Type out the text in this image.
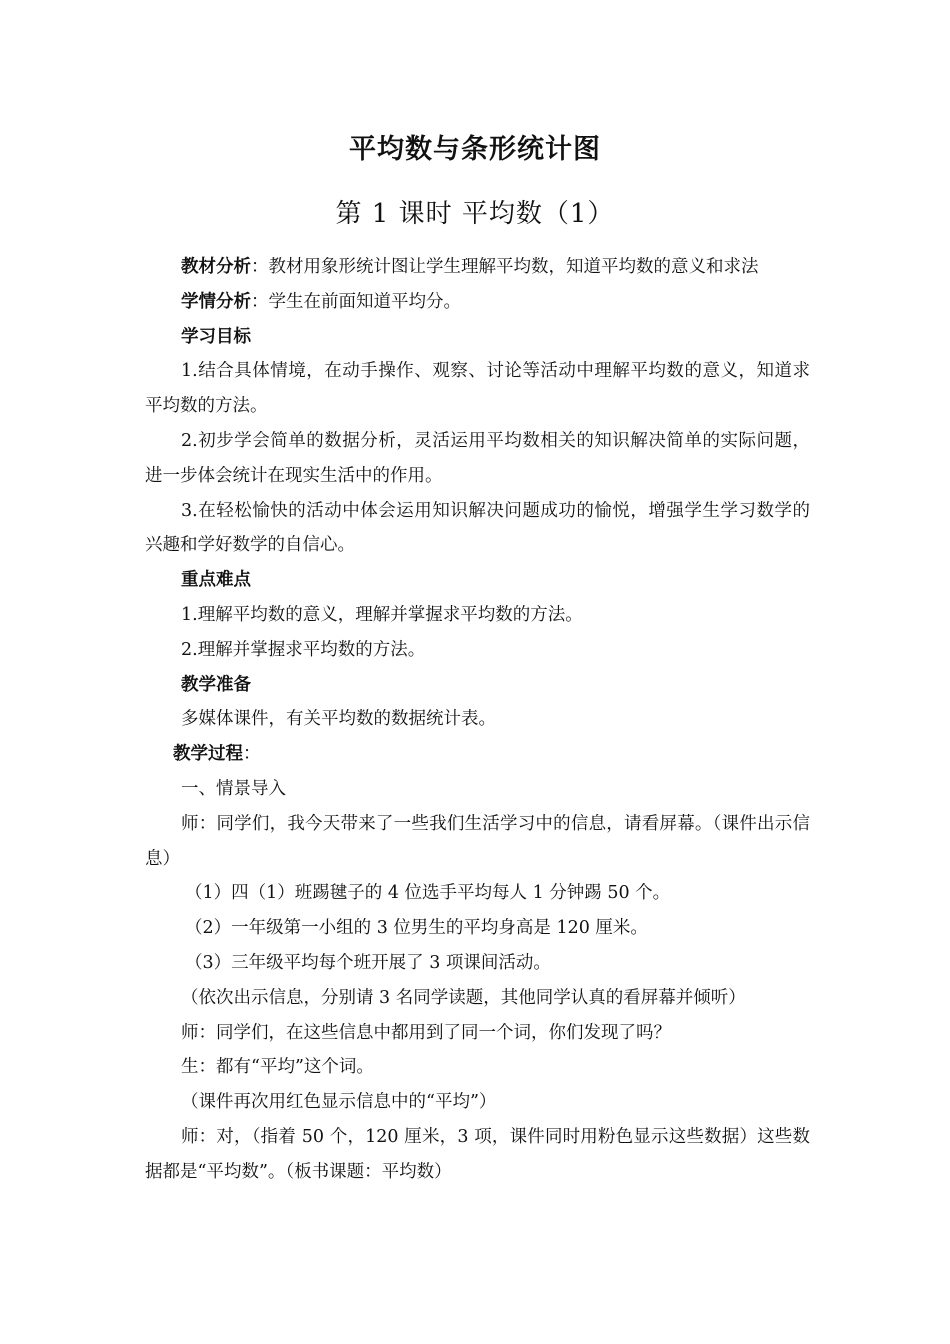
平均数与条形统计图
第 1 课时 平均数（1）

教材分析：教材用象形统计图让学生理解平均数，知道平均数的意义和求法

学情分析：学生在前面知道平均分。

学习目标

1.结合具体情境，在动手操作、观察、讨论等活动中理解平均数的意义，知道求平均数的方法。

2.初步学会简单的数据分析，灵活运用平均数相关的知识解决简单的实际问题，进一步体会统计在现实生活中的作用。

3.在轻松愉快的活动中体会运用知识解决问题成功的愉悦，增强学生学习数学的兴趣和学好数学的自信心。

重点难点

1.理解平均数的意义，理解并掌握求平均数的方法。

2.理解并掌握求平均数的方法。

教学准备

多媒体课件，有关平均数的数据统计表。

教学过程：

一、情景导入

师：同学们，我今天带来了一些我们生活学习中的信息，请看屏幕。（课件出示信息）

（1）四（1）班踢毽子的 4 位选手平均每人 1 分钟踢 50 个。

（2）一年级第一小组的 3 位男生的平均身高是 120 厘米。

（3）三年级平均每个班开展了 3 项课间活动。

（依次出示信息，分别请 3 名同学读题，其他同学认真的看屏幕并倾听）

师：同学们，在这些信息中都用到了同一个词，你们发现了吗？

生：都有“平均”这个词。

（课件再次用红色显示信息中的“平均”）

师：对，（指着 50 个，120 厘米，3 项，课件同时用粉色显示这些数据）这些数据都是“平均数”。（板书课题：平均数）
